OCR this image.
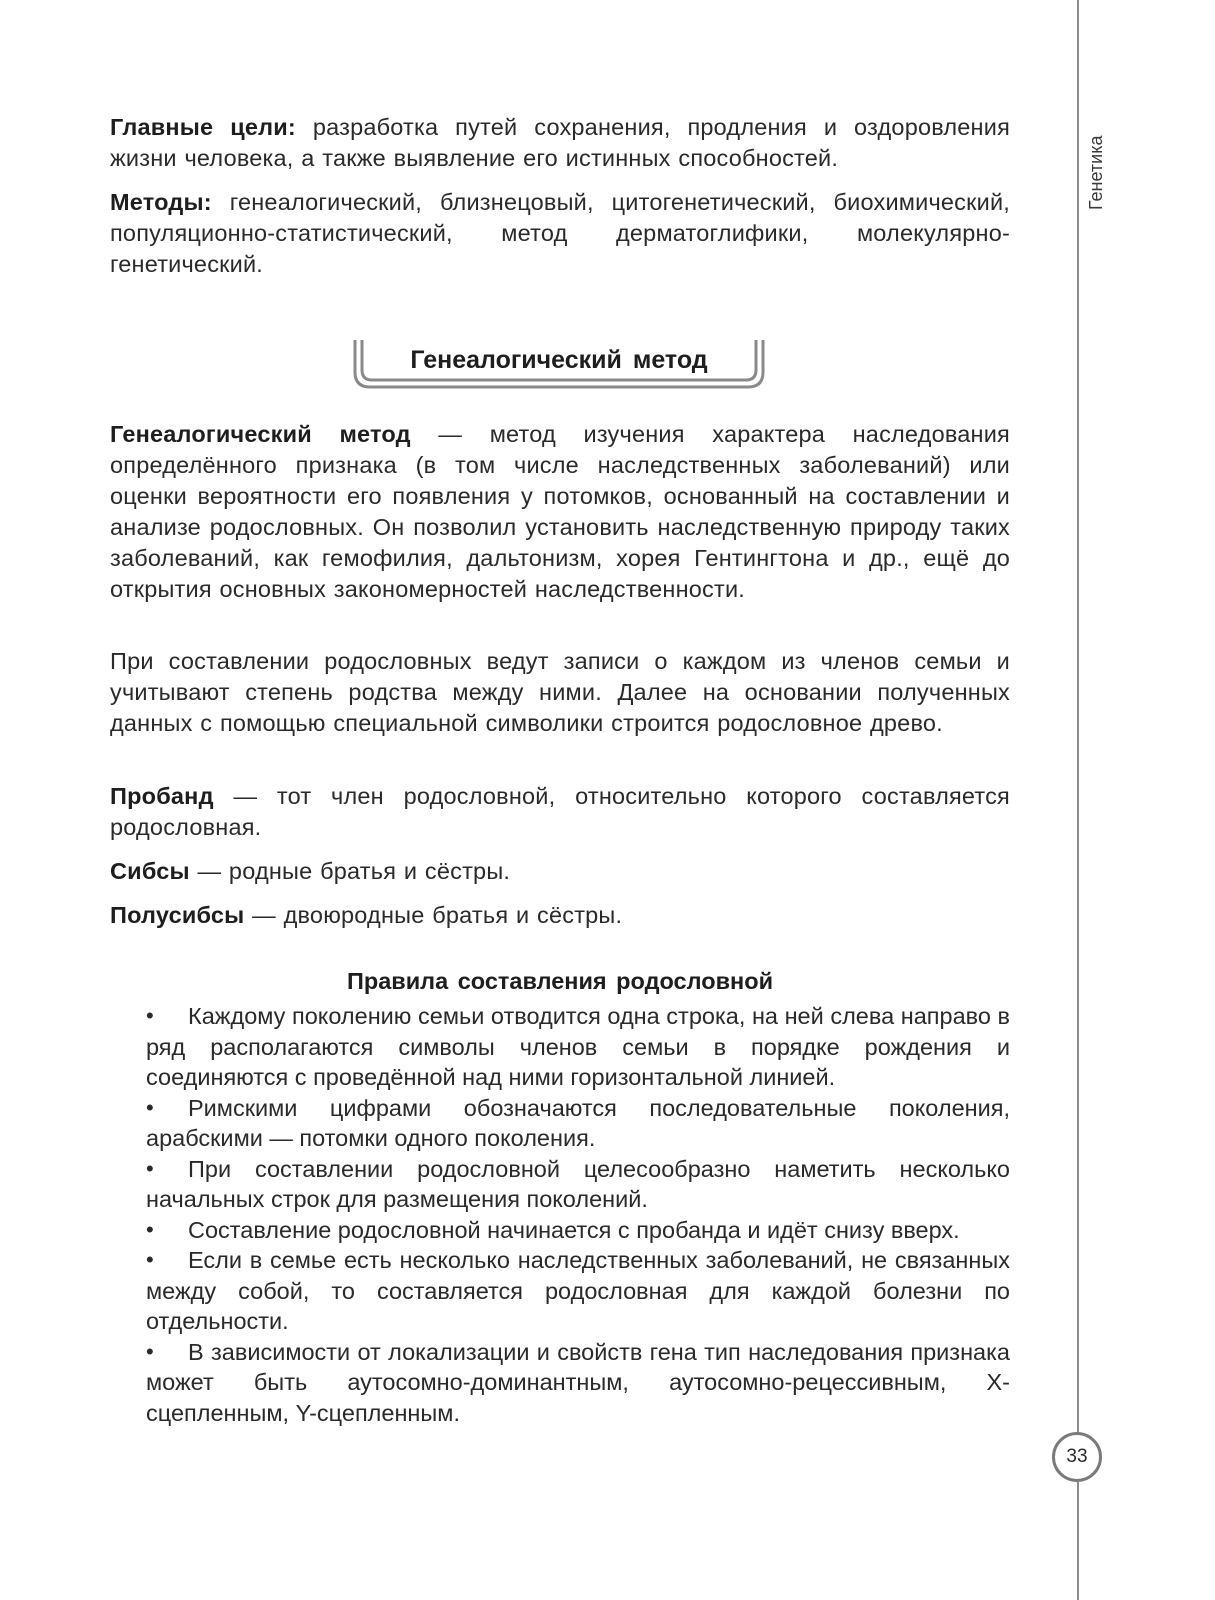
Генетика
33

Главные цели: разработка путей сохранения, продления и оздоровления жизни человека, а также выявление его истинных способностей.

Методы: генеалогический, близнецовый, цитогенетический, биохимический, популяционно-статистический, метод дерматоглифики, молекулярно-генетический.

Генеалогический метод

Генеалогический метод — метод изучения характера наследования определённого признака (в том числе наследственных заболеваний) или оценки вероятности его появления у потомков, основанный на составлении и анализе родословных. Он позволил установить наследственную природу таких заболеваний, как гемофилия, дальтонизм, хорея Гентингтона и др., ещё до открытия основных закономерностей наследственности.

При составлении родословных ведут записи о каждом из членов семьи и учитывают степень родства между ними. Далее на основании полученных данных с помощью специальной символики строится родословное древо.

Пробанд — тот член родословной, относительно которого составляется родословная.

Сибсы — родные братья и сёстры.

Полусибсы — двоюродные братья и сёстры.

Правила составления родословной
• Каждому поколению семьи отводится одна строка, на ней слева направо в ряд располагаются символы членов семьи в порядке рождения и соединяются с проведённой над ними горизонтальной линией.
• Римскими цифрами обозначаются последовательные поколения, арабскими — потомки одного поколения.
• При составлении родословной целесообразно наметить несколько начальных строк для размещения поколений.
• Составление родословной начинается с пробанда и идёт снизу вверх.
• Если в семье есть несколько наследственных заболеваний, не связанных между собой, то составляется родословная для каждой болезни по отдельности.
• В зависимости от локализации и свойств гена тип наследования признака может быть аутосомно-доминантным, аутосомно-рецессивным, X-сцепленным, Y-сцепленным.
